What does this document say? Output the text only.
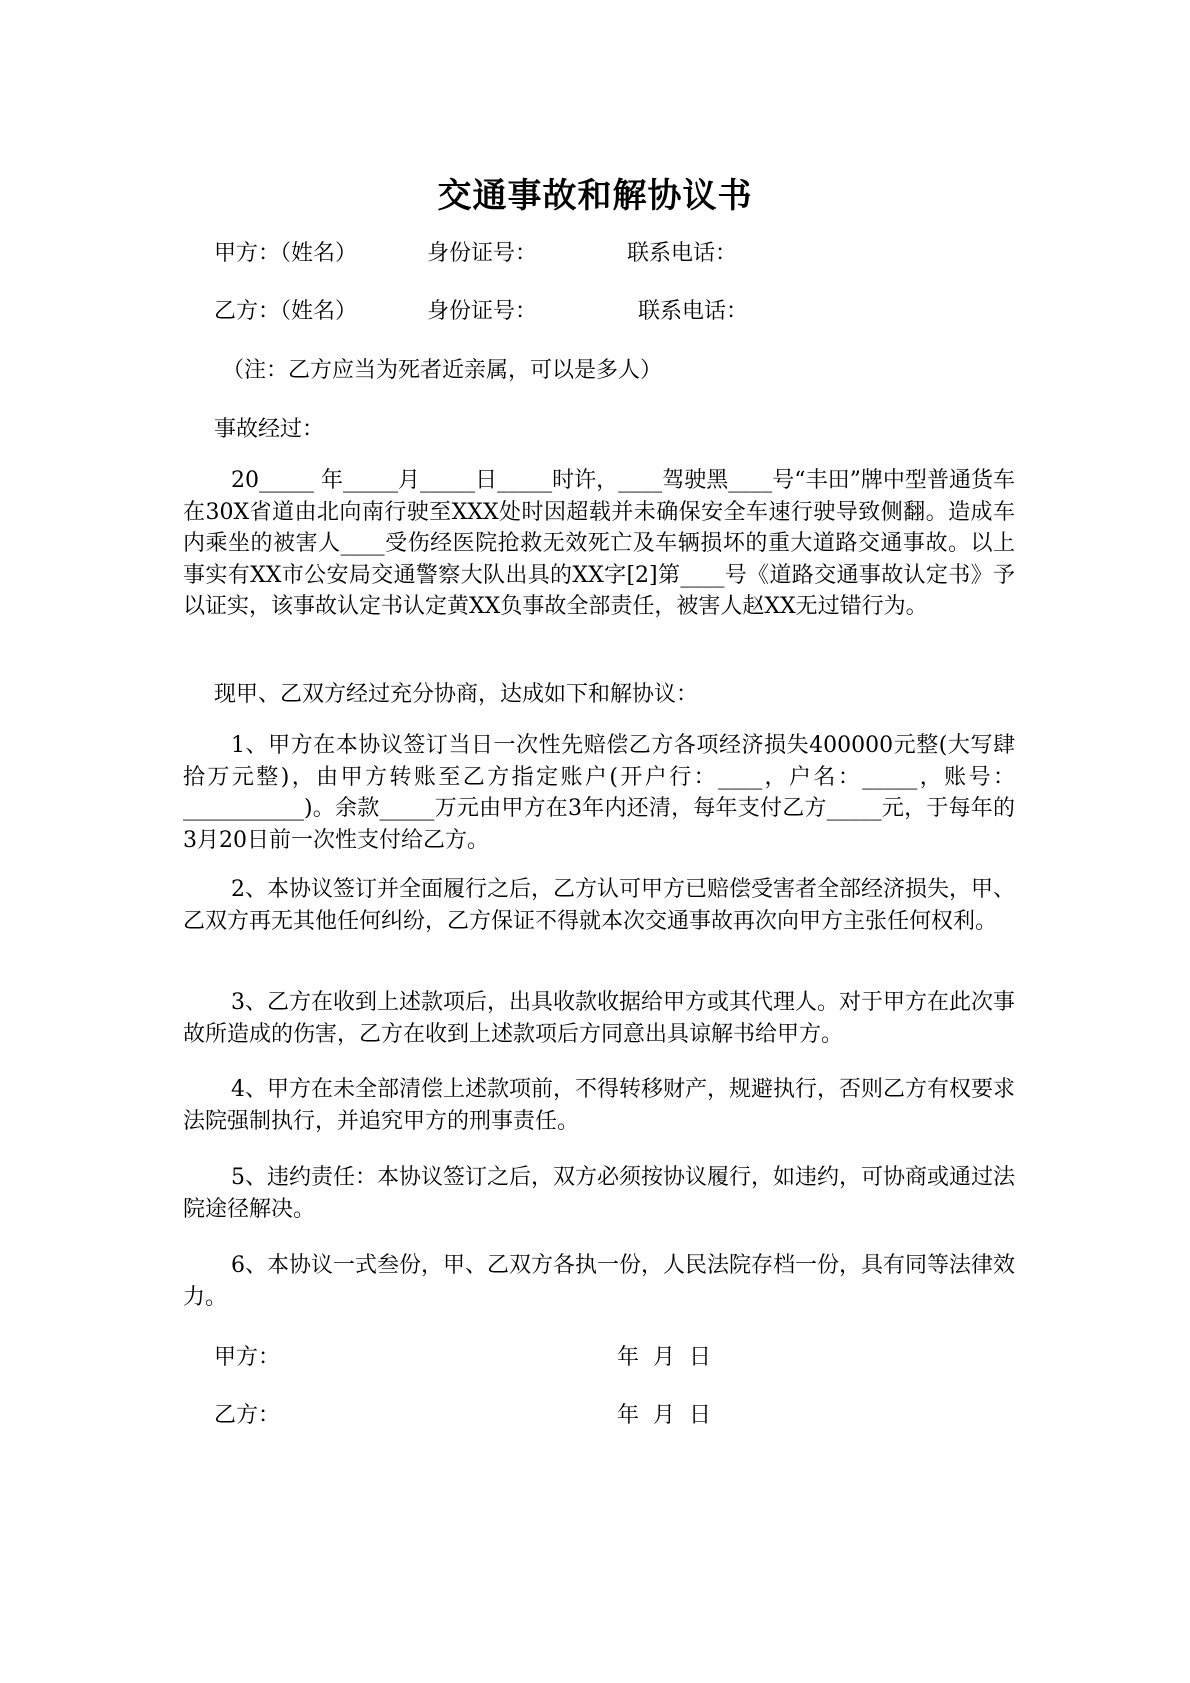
交通事故和解协议书
甲方：（姓名）	身份证号：	联系电话：
乙方：（姓名）	身份证号：	联系电话：
（注：乙方应当为死者近亲属，可以是多人）
事故经过：
20_____ 年_____月_____日_____时许，____驾驶黑____号“丰田”牌中型普通货车在30X省道由北向南行驶至XXX处时因超载并未确保安全车速行驶导致侧翻。造成车内乘坐的被害人____受伤经医院抢救无效死亡及车辆损坏的重大道路交通事故。以上事实有XX市公安局交通警察大队出具的XX字[2]第____号《道路交通事故认定书》予以证实，该事故认定书认定黄XX负事故全部责任，被害人赵XX无过错行为。
现甲、乙双方经过充分协商，达成如下和解协议：
1、甲方在本协议签订当日一次性先赔偿乙方各项经济损失400000元整(大写肆拾万元整)，由甲方转账至乙方指定账户(开户行：____，户名：_____，账号：___________)。余款_____万元由甲方在3年内还清，每年支付乙方_____元，于每年的3月20日前一次性支付给乙方。
2、本协议签订并全面履行之后，乙方认可甲方已赔偿受害者全部经济损失，甲、乙双方再无其他任何纠纷，乙方保证不得就本次交通事故再次向甲方主张任何权利。
3、乙方在收到上述款项后，出具收款收据给甲方或其代理人。对于甲方在此次事故所造成的伤害，乙方在收到上述款项后方同意出具谅解书给甲方。
4、甲方在未全部清偿上述款项前，不得转移财产，规避执行，否则乙方有权要求法院强制执行，并追究甲方的刑事责任。
5、违约责任：本协议签订之后，双方必须按协议履行，如违约，可协商或通过法院途径解决。
6、本协议一式叁份，甲、乙双方各执一份，人民法院存档一份，具有同等法律效力。
甲方：	年  月  日
乙方：	年  月  日
